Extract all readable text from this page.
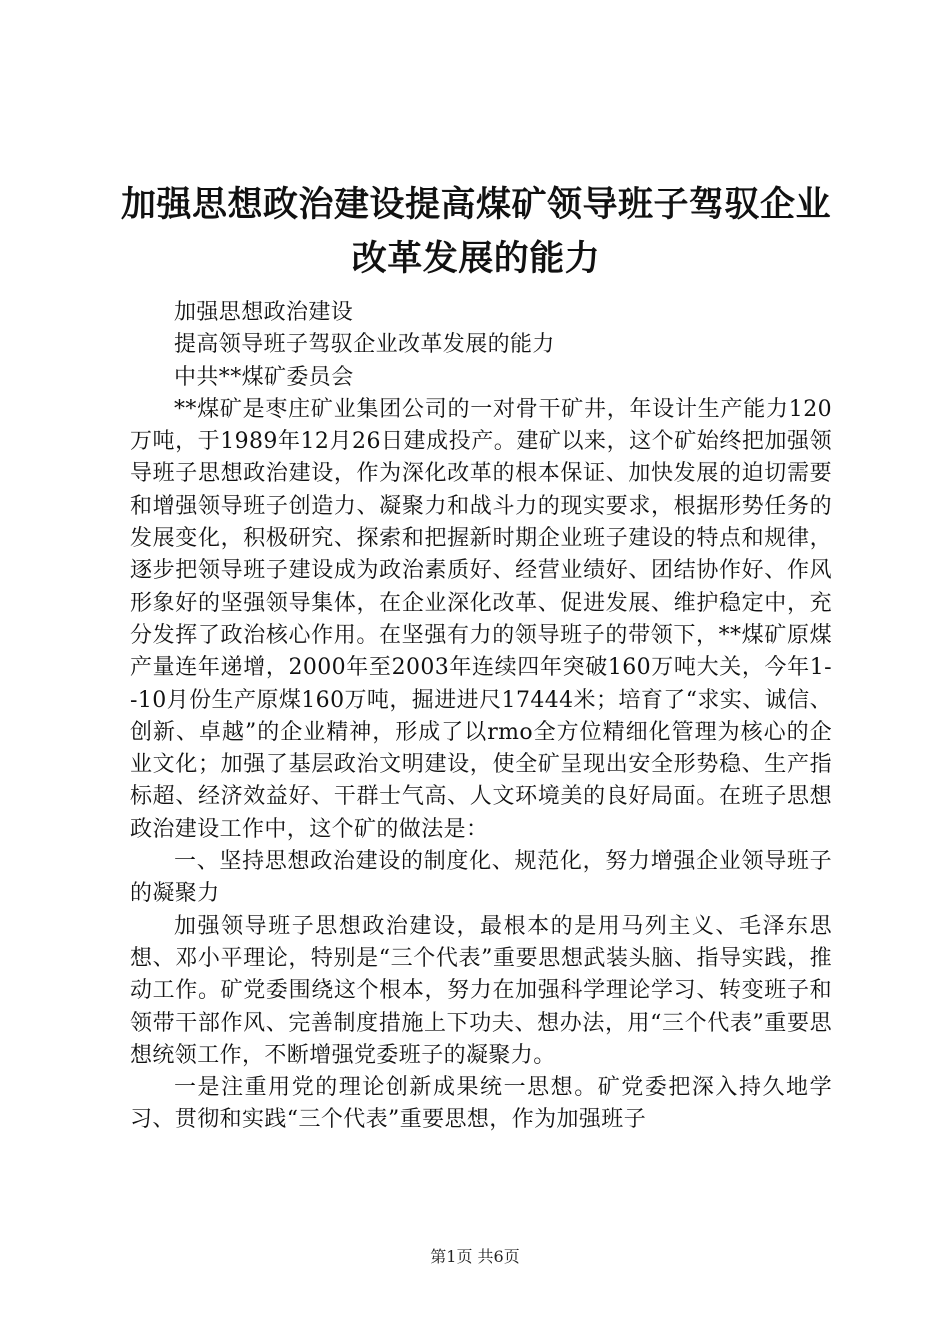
加强思想政治建设提高煤矿领导班子驾驭企业
改革发展的能力

加强思想政治建设

提高领导班子驾驭企业改革发展的能力

中共**煤矿委员会

**煤矿是枣庄矿业集团公司的一对骨干矿井，年设计生产能力120万吨，于1989年12月26日建成投产。建矿以来，这个矿始终把加强领导班子思想政治建设，作为深化改革的根本保证、加快发展的迫切需要和增强领导班子创造力、凝聚力和战斗力的现实要求，根据形势任务的发展变化，积极研究、探索和把握新时期企业班子建设的特点和规律，逐步把领导班子建设成为政治素质好、经营业绩好、团结协作好、作风形象好的坚强领导集体，在企业深化改革、促进发展、维护稳定中，充分发挥了政治核心作用。在坚强有力的领导班子的带领下，**煤矿原煤产量连年递增，2000年至2003年连续四年突破160万吨大关，今年1--10月份生产原煤160万吨，掘进进尺17444米；培育了“求实、诚信、创新、卓越”的企业精神，形成了以rmo全方位精细化管理为核心的企业文化；加强了基层政治文明建设，使全矿呈现出安全形势稳、生产指标超、经济效益好、干群士气高、人文环境美的良好局面。在班子思想政治建设工作中，这个矿的做法是：

一、坚持思想政治建设的制度化、规范化，努力增强企业领导班子的凝聚力

加强领导班子思想政治建设，最根本的是用马列主义、毛泽东思想、邓小平理论，特别是“三个代表”重要思想武装头脑、指导实践，推动工作。矿党委围绕这个根本，努力在加强科学理论学习、转变班子和领带干部作风、完善制度措施上下功夫、想办法，用“三个代表”重要思想统领工作，不断增强党委班子的凝聚力。

一是注重用党的理论创新成果统一思想。矿党委把深入持久地学习、贯彻和实践“三个代表”重要思想，作为加强班子

第1页 共6页
